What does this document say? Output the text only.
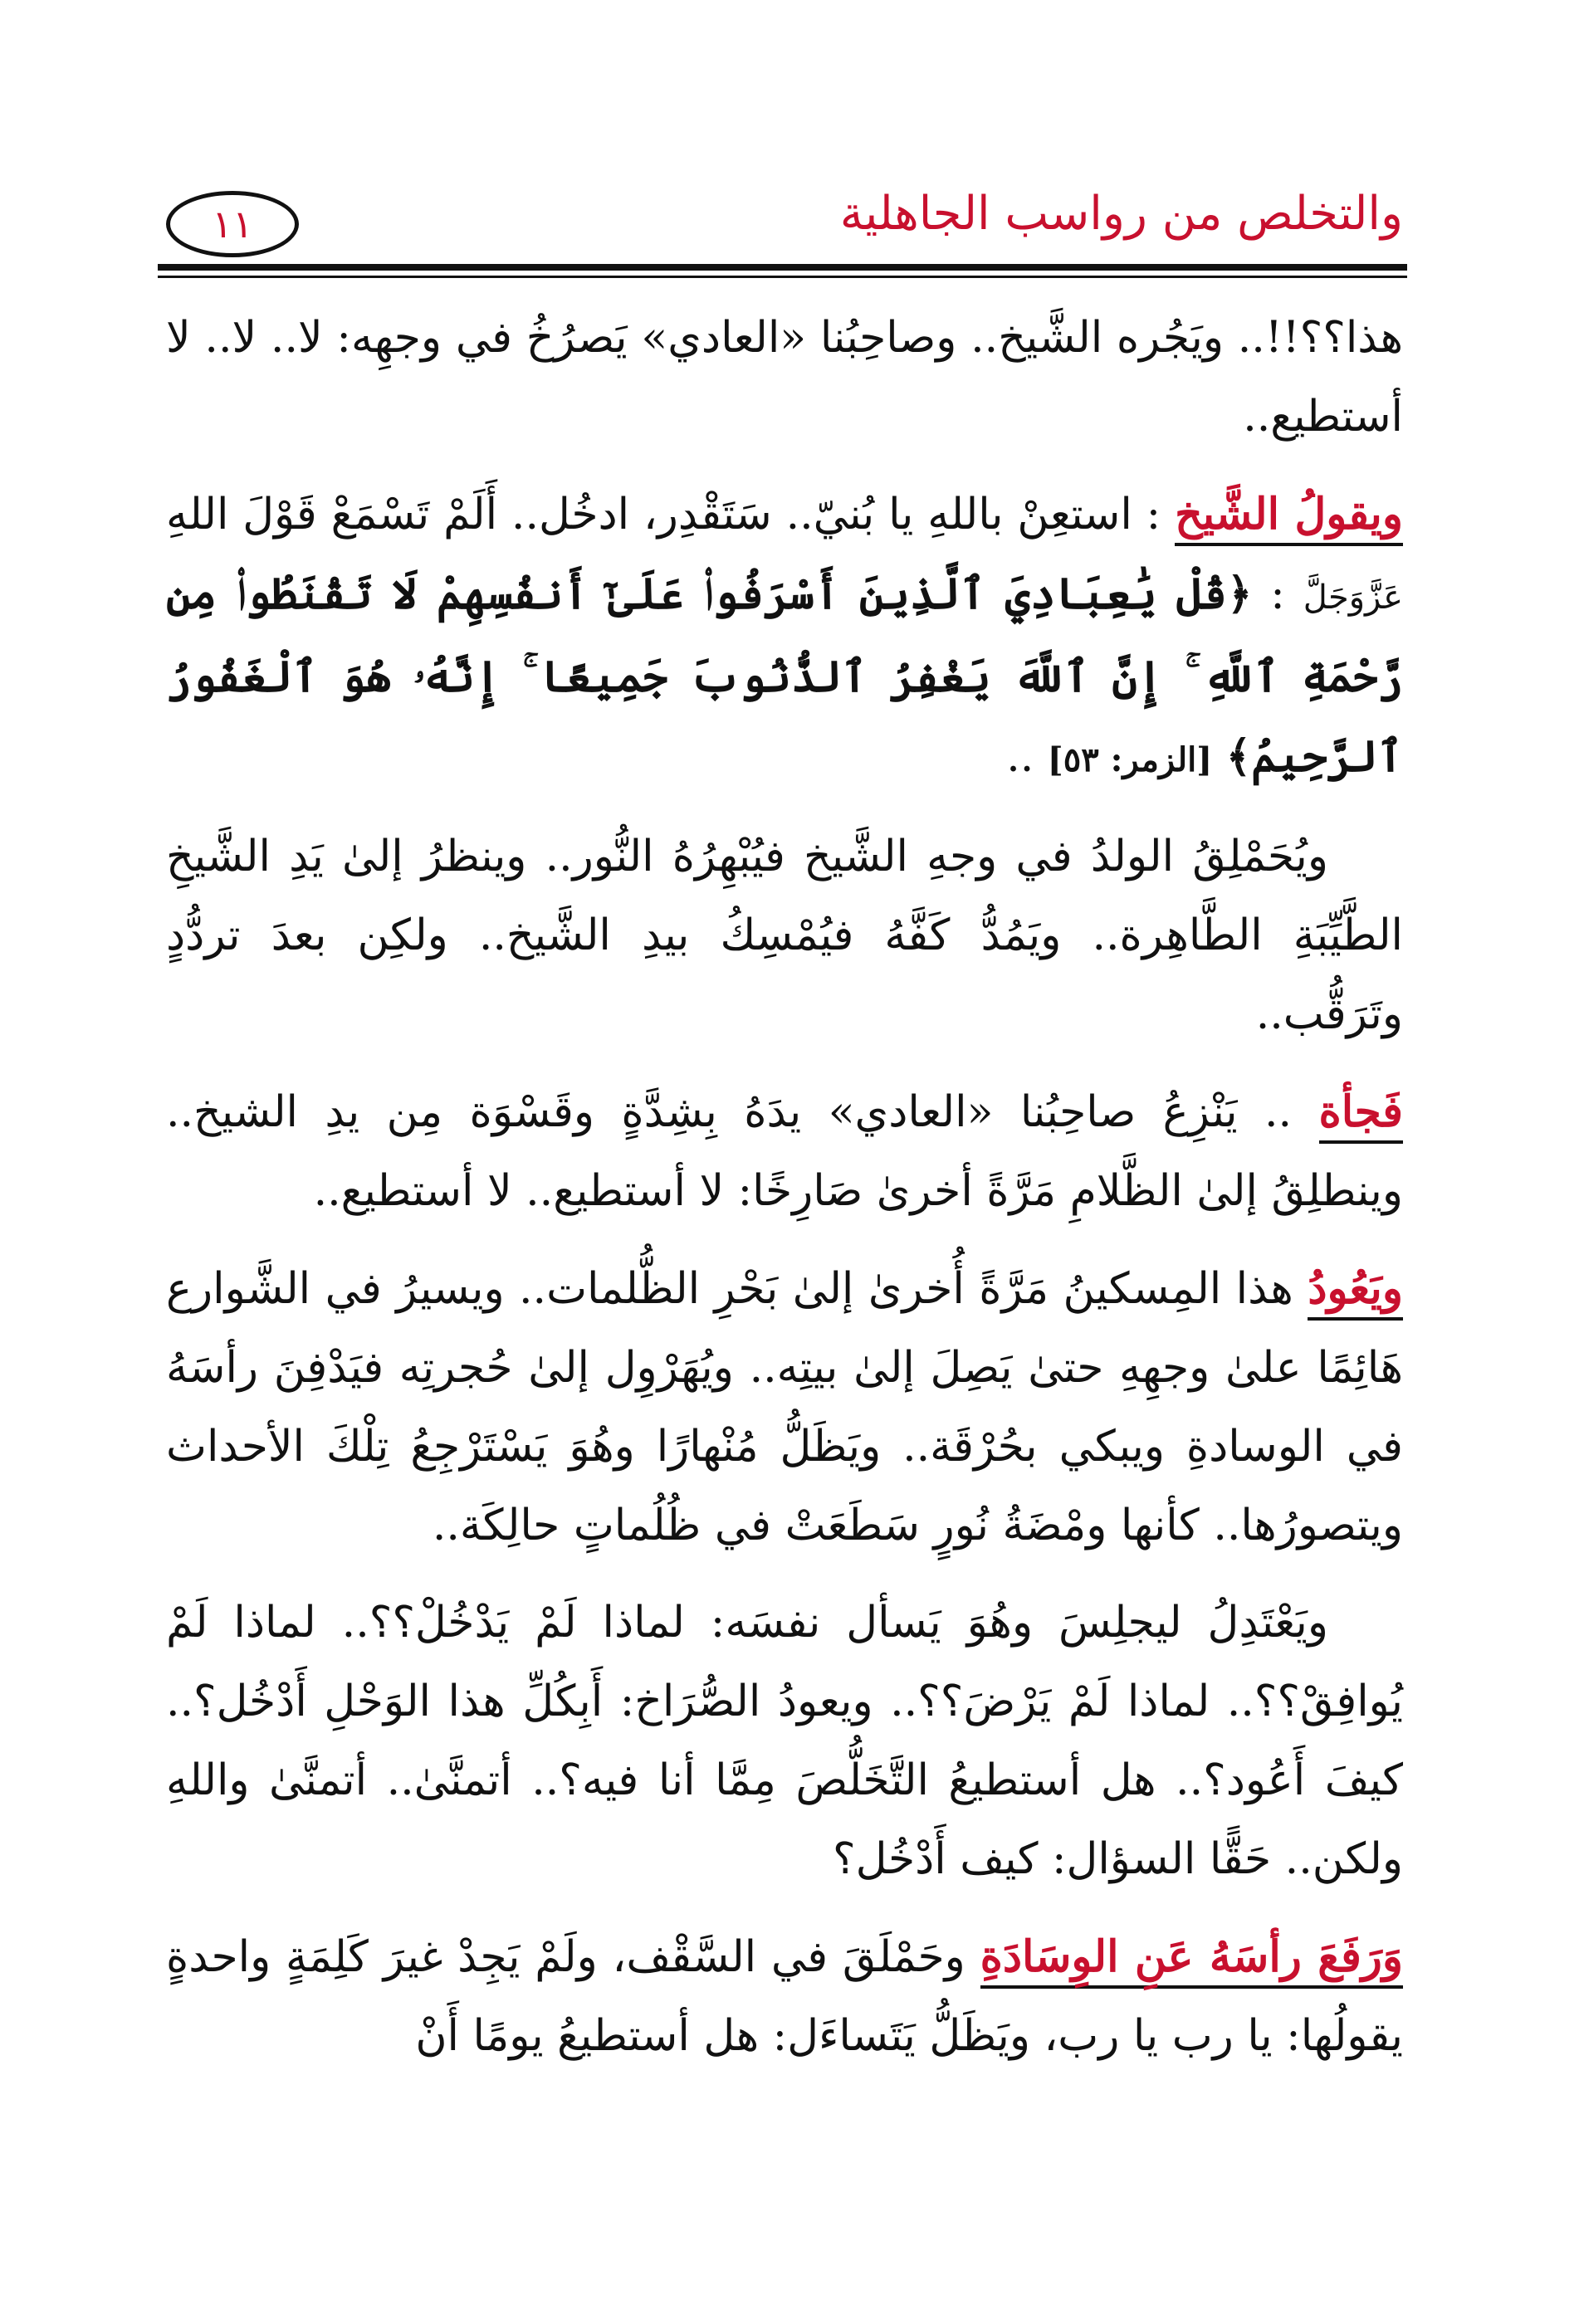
والتخلص من رواسب الجاهلية
١١

هذا؟؟!!.. ويَجُره الشَّيخ.. وصاحِبُنا «العادي» يَصرُخُ في وجهِه: لا.. لا.. لا أستطيع..

ويقولُ الشَّيخ : استعِنْ باللهِ يا بُنيّ.. سَتَقْدِر، ادخُل.. أَلَمْ تَسْمَعْ قَوْلَ اللهِ عَزَّوَجَلَّ : ﴿قُلْ يَٰعِبَادِيَ ٱلَّذِينَ أَسْرَفُوا۟ عَلَىٰٓ أَنفُسِهِمْ لَا تَقْنَطُوا۟ مِن رَّحْمَةِ ٱللَّهِ ۚ إِنَّ ٱللَّهَ يَغْفِرُ ٱلذُّنُوبَ جَمِيعًا ۚ إِنَّهُۥ هُوَ ٱلْغَفُورُ ٱلرَّحِيمُ﴾ [الزمر: ٥٣] ..

ويُحَمْلِقُ الولدُ في وجهِ الشَّيخ فيُبْهِرُهُ النُّور.. وينظرُ إلىٰ يَدِ الشَّيخِ الطَّيِّبَةِ الطَّاهِرة.. ويَمُدُّ كَفَّهُ فيُمْسِكُ بيدِ الشَّيخ.. ولكِن بعدَ تردُّدٍ وتَرَقُّب..

فَجأة .. يَنْزِعُ صاحِبُنا «العادي» يدَهُ بِشِدَّةٍ وقَسْوَة مِن يدِ الشيخ.. وينطلِقُ إلىٰ الظَّلامِ مَرَّةً أخرىٰ صَارِخًا: لا أستطيع.. لا أستطيع..

ويَعُودُ هذا المِسكينُ مَرَّةً أُخرىٰ إلىٰ بَحْرِ الظُّلمات.. ويسيرُ في الشَّوارع هَائِمًا علىٰ وجهِهِ حتىٰ يَصِلَ إلىٰ بيتِه.. ويُهَرْوِل إلىٰ حُجرتِه فيَدْفِنَ رأسَهُ في الوسادةِ ويبكي بحُرْقَة.. ويَظَلُّ مُنْهارًا وهُوَ يَسْتَرْجِعُ تِلْكَ الأحداث ويتصورُها.. كأنها ومْضَةُ نُورٍ سَطَعَتْ في ظُلُماتٍ حالِكَة..

ويَعْتَدِلُ ليجلِسَ وهُوَ يَسأل نفسَه: لماذا لَمْ يَدْخُلْ؟؟.. لماذا لَمْ يُوافِقْ؟؟.. لماذا لَمْ يَرْضَ؟؟.. ويعودُ الصُّرَاخ: أَبِكُلِّ هذا الوَحْلِ أَدْخُل؟.. كيفَ أَعُود؟.. هل أستطيعُ التَّخَلُّصَ مِمَّا أنا فيه؟.. أتمنَّىٰ.. أتمنَّىٰ واللهِ ولكن.. حَقًّا السؤال: كيف أَدْخُل؟

وَرَفَعَ رأسَهُ عَنِ الوِسَادَةِ وحَمْلَقَ في السَّقْف، ولَمْ يَجِدْ غيرَ كَلِمَةٍ واحدةٍ يقولُها: يا رب يا رب، ويَظَلُّ يَتَساءَل: هل أستطيعُ يومًا أَنْ
